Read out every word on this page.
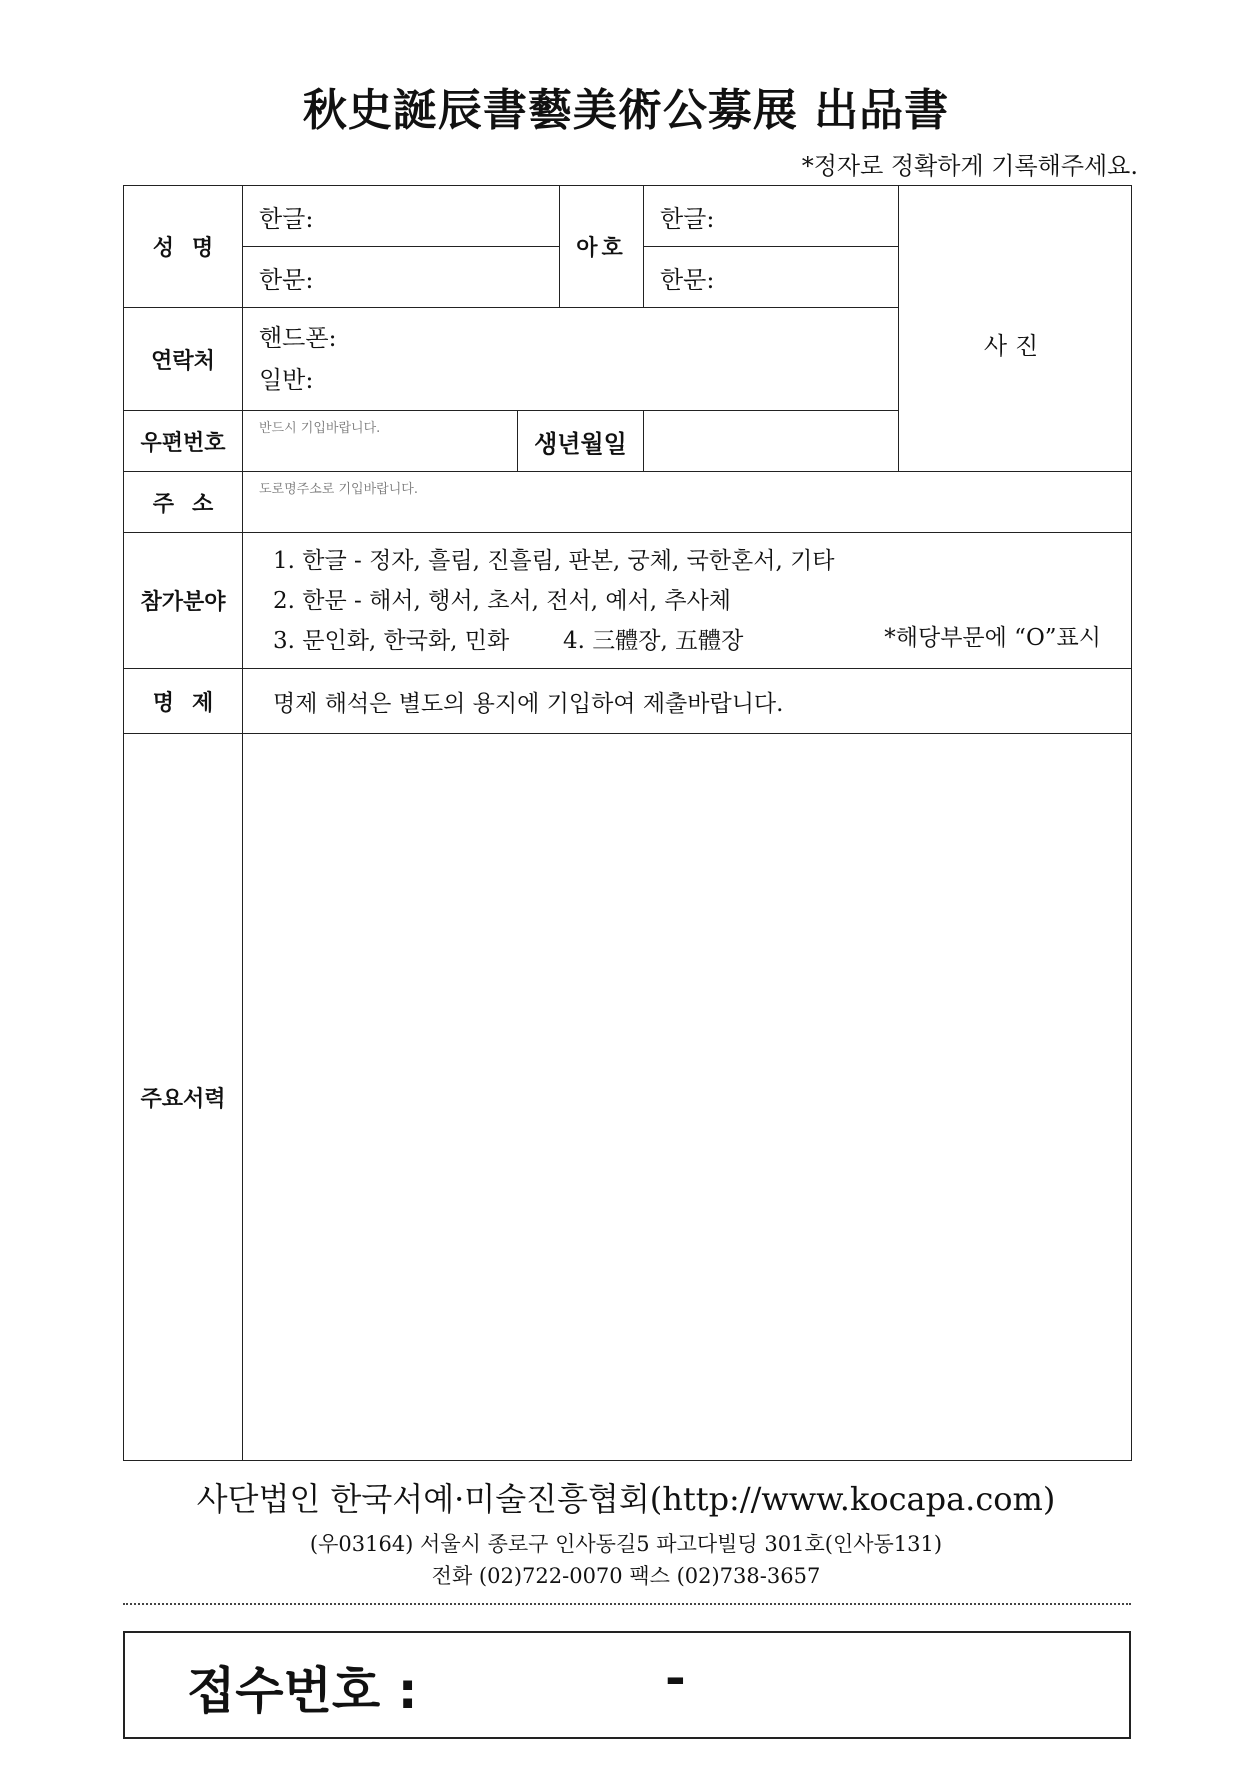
秋史誕辰書藝美術公募展 出品書
*정자로 정확하게 기록해주세요.
성명	한글:		아호	한글:	사진
	한문:			한문:	
연락처	핸드폰:
일반:				

우편번호	반드시 기입바랍니다.	생년월일			
주소	도로명주소로 기입바랍니다.				
참가분야	1. 한글 - 정자, 흘림, 진흘림, 판본, 궁체, 국한혼서, 기타
2. 한문 - 해서, 행서, 초서, 전서, 예서, 추사체
3. 문인화, 한국화, 민화 4. 三體장, 五體장 *해당부문에 “O”표시				

명제	명제 해석은 별도의 용지에 기입하여 제출바랍니다.				
주요서력					
사단법인 한국서예·미술진흥협회(http://www.kocapa.com)
(우03164) 서울시 종로구 인사동길5 파고다빌딩 301호(인사동131)
전화 (02)722-0070 팩스 (02)738-3657
접수번호 :	-
